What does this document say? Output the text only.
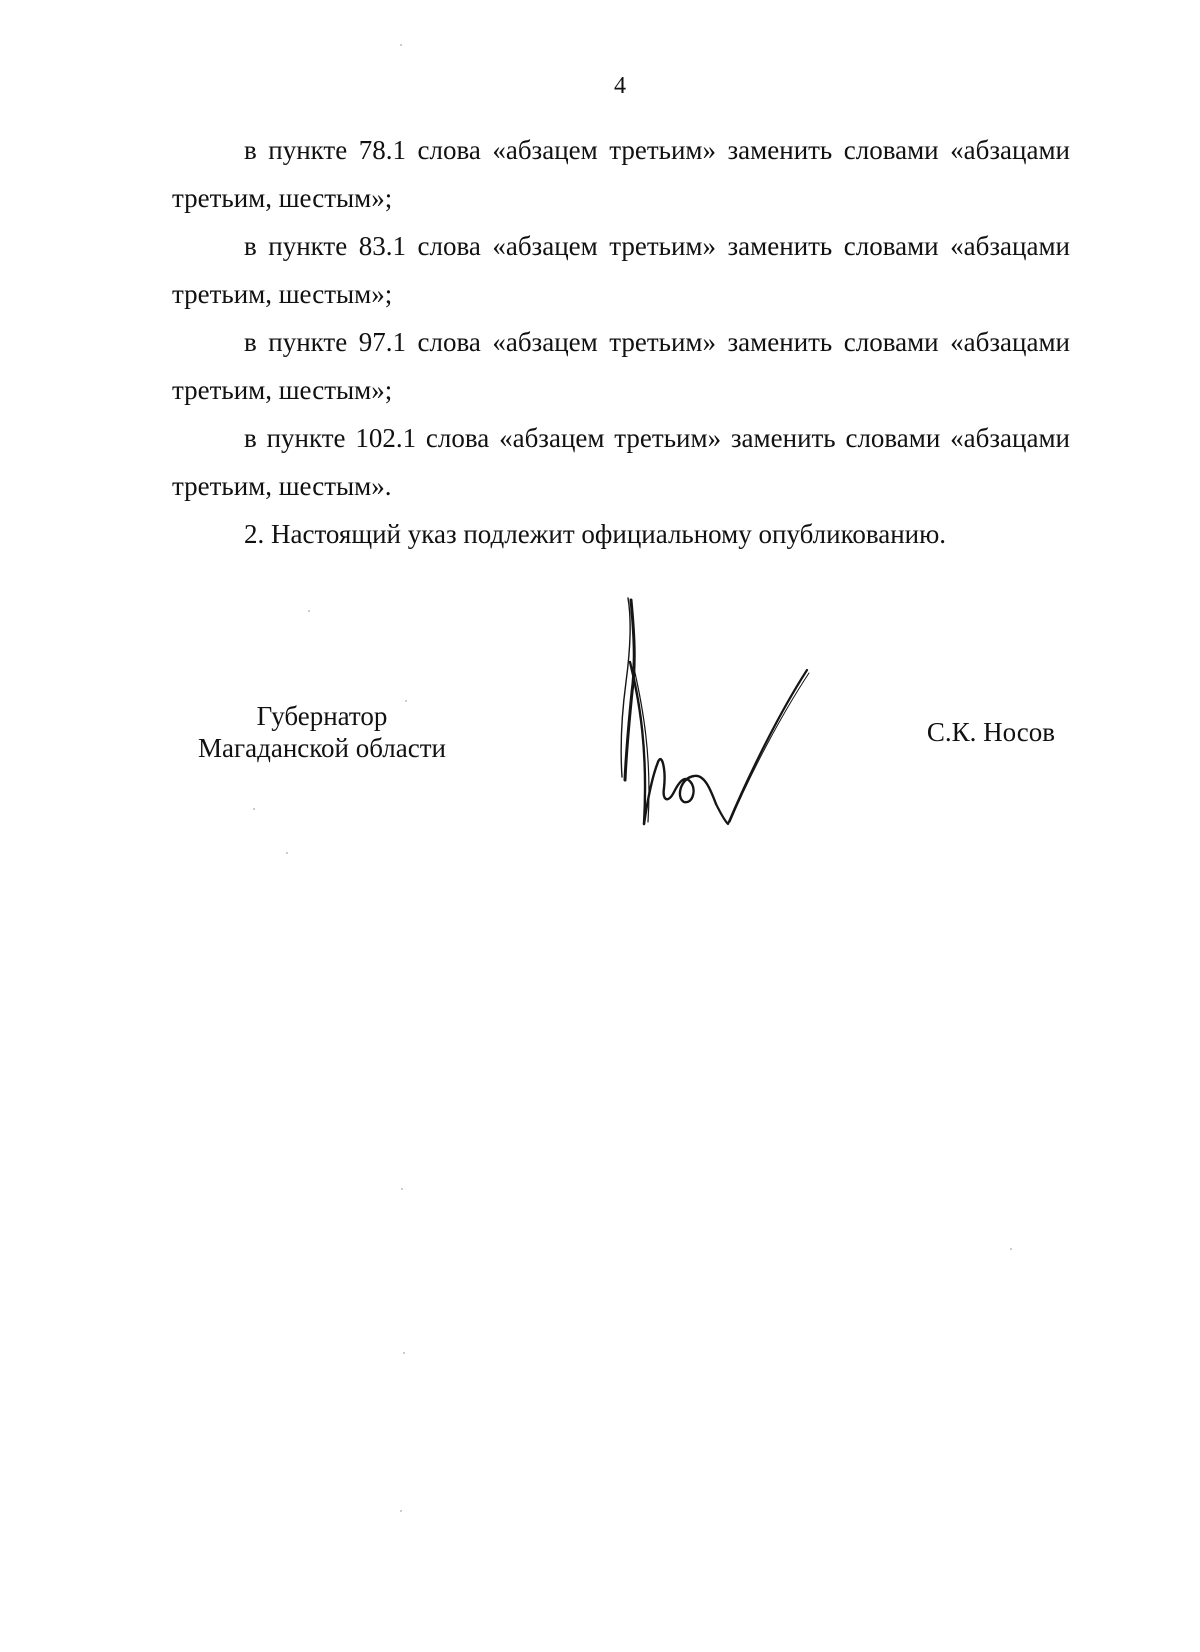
4

в пункте 78.1 слова «абзацем третьим» заменить словами «абзацами третьим, шестым»;

в пункте 83.1 слова «абзацем третьим» заменить словами «абзацами третьим, шестым»;

в пункте 97.1 слова «абзацем третьим» заменить словами «абзацами третьим, шестым»;

в пункте 102.1 слова «абзацем третьим» заменить словами «абзацами третьим, шестым».

2. Настоящий указ подлежит официальному опубликованию.

Губернатор
Магаданской области
С.К. Носов
